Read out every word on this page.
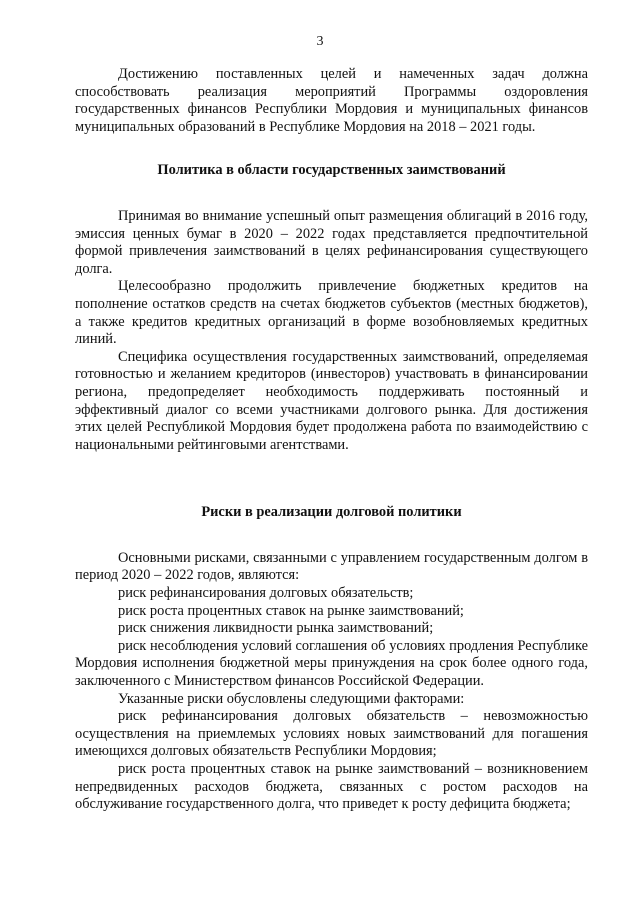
3

Достижению поставленных целей и намеченных задач должна способствовать реализация мероприятий Программы оздоровления государственных финансов Республики Мордовия и муниципальных финансов муниципальных образований в Республике Мордовия на 2018 – 2021 годы.

Политика в области государственных заимствований

Принимая во внимание успешный опыт размещения облигаций в 2016 году, эмиссия ценных бумаг в 2020 – 2022 годах представляется предпочтительной формой привлечения заимствований в целях рефинансирования существующего долга.

Целесообразно продолжить привлечение бюджетных кредитов на пополнение остатков средств на счетах бюджетов субъектов (местных бюджетов), а также кредитов кредитных организаций в форме возобновляемых кредитных линий.

Специфика осуществления государственных заимствований, определяемая готовностью и желанием кредиторов (инвесторов) участвовать в финансировании региона, предопределяет необходимость поддерживать постоянный и эффективный диалог со всеми участниками долгового рынка. Для достижения этих целей Республикой Мордовия будет продолжена работа по взаимодействию с национальными рейтинговыми агентствами.

Риски в реализации долговой политики

Основными рисками, связанными с управлением государственным долгом в период 2020 – 2022 годов, являются:

риск рефинансирования долговых обязательств;

риск роста процентных ставок на рынке заимствований;

риск снижения ликвидности рынка заимствований;

риск несоблюдения условий соглашения об условиях продления Республике Мордовия исполнения бюджетной меры принуждения на срок более одного года, заключенного с Министерством финансов Российской Федерации.

Указанные риски обусловлены следующими факторами:

риск рефинансирования долговых обязательств – невозможностью осуществления на приемлемых условиях новых заимствований для погашения имеющихся долговых обязательств Республики Мордовия;

риск роста процентных ставок на рынке заимствований – возникновением непредвиденных расходов бюджета, связанных с ростом расходов на обслуживание государственного долга, что приведет к росту дефицита бюджета;
